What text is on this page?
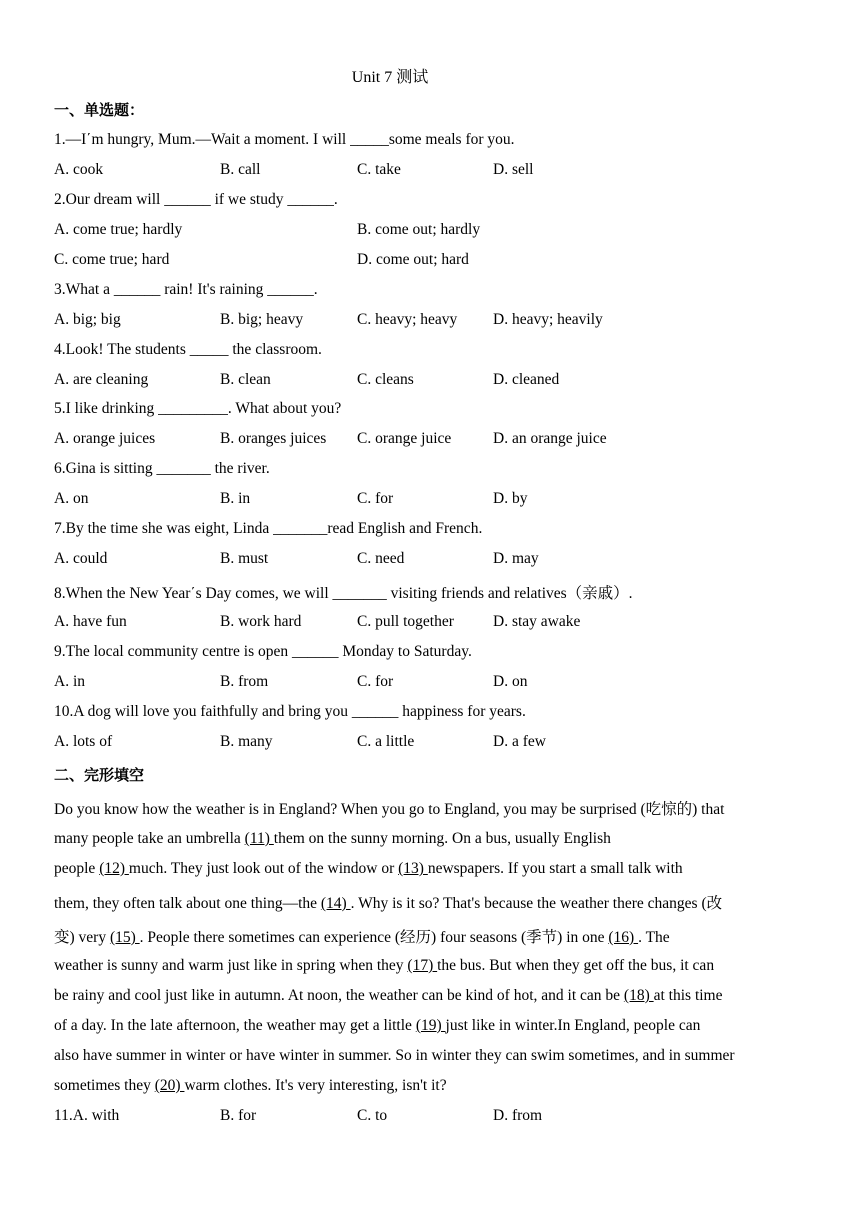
Unit 7 测试
一、单选题：
1.—I΄m hungry, Mum.—Wait a moment. I will _____some meals for you.
A. cook	B. call	C. take	D. sell
2.Our dream will ______ if we study ______.
A. come true; hardly	B. come out; hardly
C. come true; hard	D. come out; hard
3.What a ______ rain! It's raining ______.
A. big; big	B. big; heavy	C. heavy; heavy D. heavy; heavily
4.Look! The students _____ the classroom.
A. are cleaning	B. clean	C. cleans	D. cleaned
5.I like drinking _________. What about you?
A. orange juices	B. oranges juices C. orange juice	D. an orange juice
6.Gina is sitting _______ the river.
A. on	B. in	C. for	D. by
7.By the time she was eight, Linda _______read English and French.
A. could	B. must	C. need	D. may
8.When the New Year΄s Day comes, we will _______ visiting friends and relatives（亲戚）.
A. have fun	B. work hard	C. pull together	D. stay awake
9.The local community centre is open ______ Monday to Saturday.
A. in	B. from	C. for	D. on
10.A dog will love you faithfully and bring you ______ happiness for years.
A. lots of	B. many	C. a little	D. a few
二、完形填空
Do you know how the weather is in England? When you go to England, you may be surprised (吃惊的) that
many people take an umbrella (11) them on the sunny morning. On a bus, usually English
people (12) much. They just look out of the window or (13) newspapers. If you start a small talk with
them, they often talk about one thing—the (14) . Why is it so? That's because the weather there changes (改
变) very (15) . People there sometimes can experience (经历) four seasons (季节) in one (16) . The
weather is sunny and warm just like in spring when they (17) the bus. But when they get off the bus, it can
be rainy and cool just like in autumn. At noon, the weather can be kind of hot, and it can be (18) at this time
of a day. In the late afternoon, the weather may get a little (19) just like in winter.In England, people can
also have summer in winter or have winter in summer. So in winter they can swim sometimes, and in summer
sometimes they (20) warm clothes. It's very interesting, isn't it?
11.A. with	B. for	C. to	D. from
